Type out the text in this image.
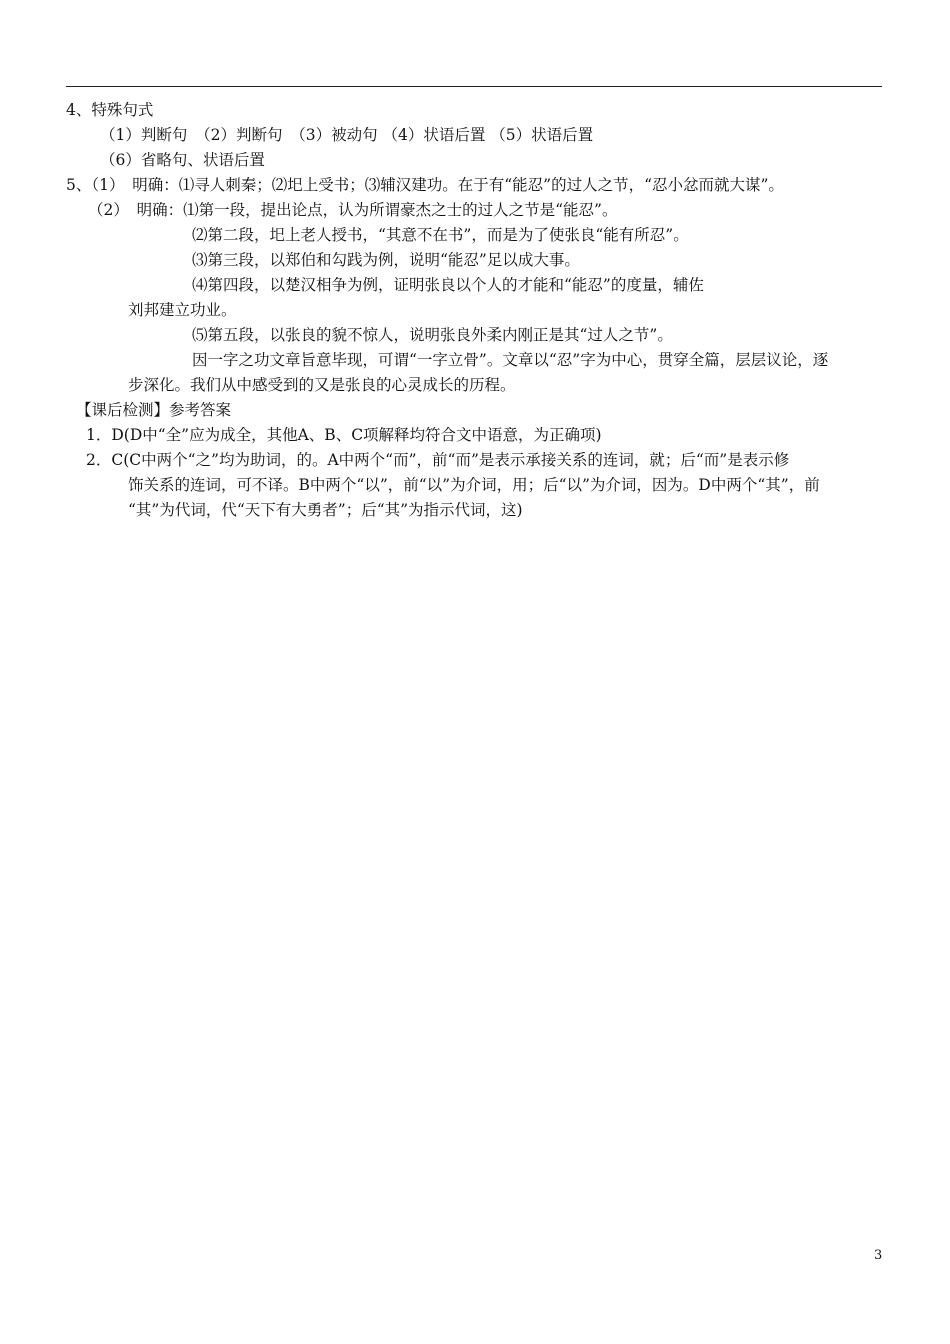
4、特殊句式
（1）判断句　（2）判断句　（3）被动句 （4）状语后置 （5）状语后置
（6）省略句、状语后置
5、（1）　明确：⑴寻人刺秦；⑵圯上受书；⑶辅汉建功。在于有“能忍”的过人之节，“忍小忿而就大谋”。
（2）　明确：⑴第一段，提出论点，认为所谓豪杰之士的过人之节是“能忍”。
⑵第二段，圯上老人授书，“其意不在书”，而是为了使张良“能有所忍”。
⑶第三段，以郑伯和勾践为例，说明“能忍”足以成大事。
⑷第四段，以楚汉相争为例，证明张良以个人的才能和“能忍”的度量，辅佐
刘邦建立功业。
⑸第五段，以张良的貌不惊人，说明张良外柔内刚正是其“过人之节”。
因一字之功文章旨意毕现，可谓“一字立骨”。文章以“忍”字为中心，贯穿全篇，层层议论，逐
步深化。我们从中感受到的又是张良的心灵成长的历程。
【课后检测】参考答案
1．D(D中“全”应为成全，其他A、B、C项解释均符合文中语意，为正确项)
2．C(C中两个“之”均为助词，的。A中两个“而”，前“而”是表示承接关系的连词，就；后“而”是表示修
饰关系的连词，可不译。B中两个“以”，前“以”为介词，用；后“以”为介词，因为。D中两个“其”，前
“其”为代词，代“天下有大勇者”；后“其”为指示代词，这)
3
